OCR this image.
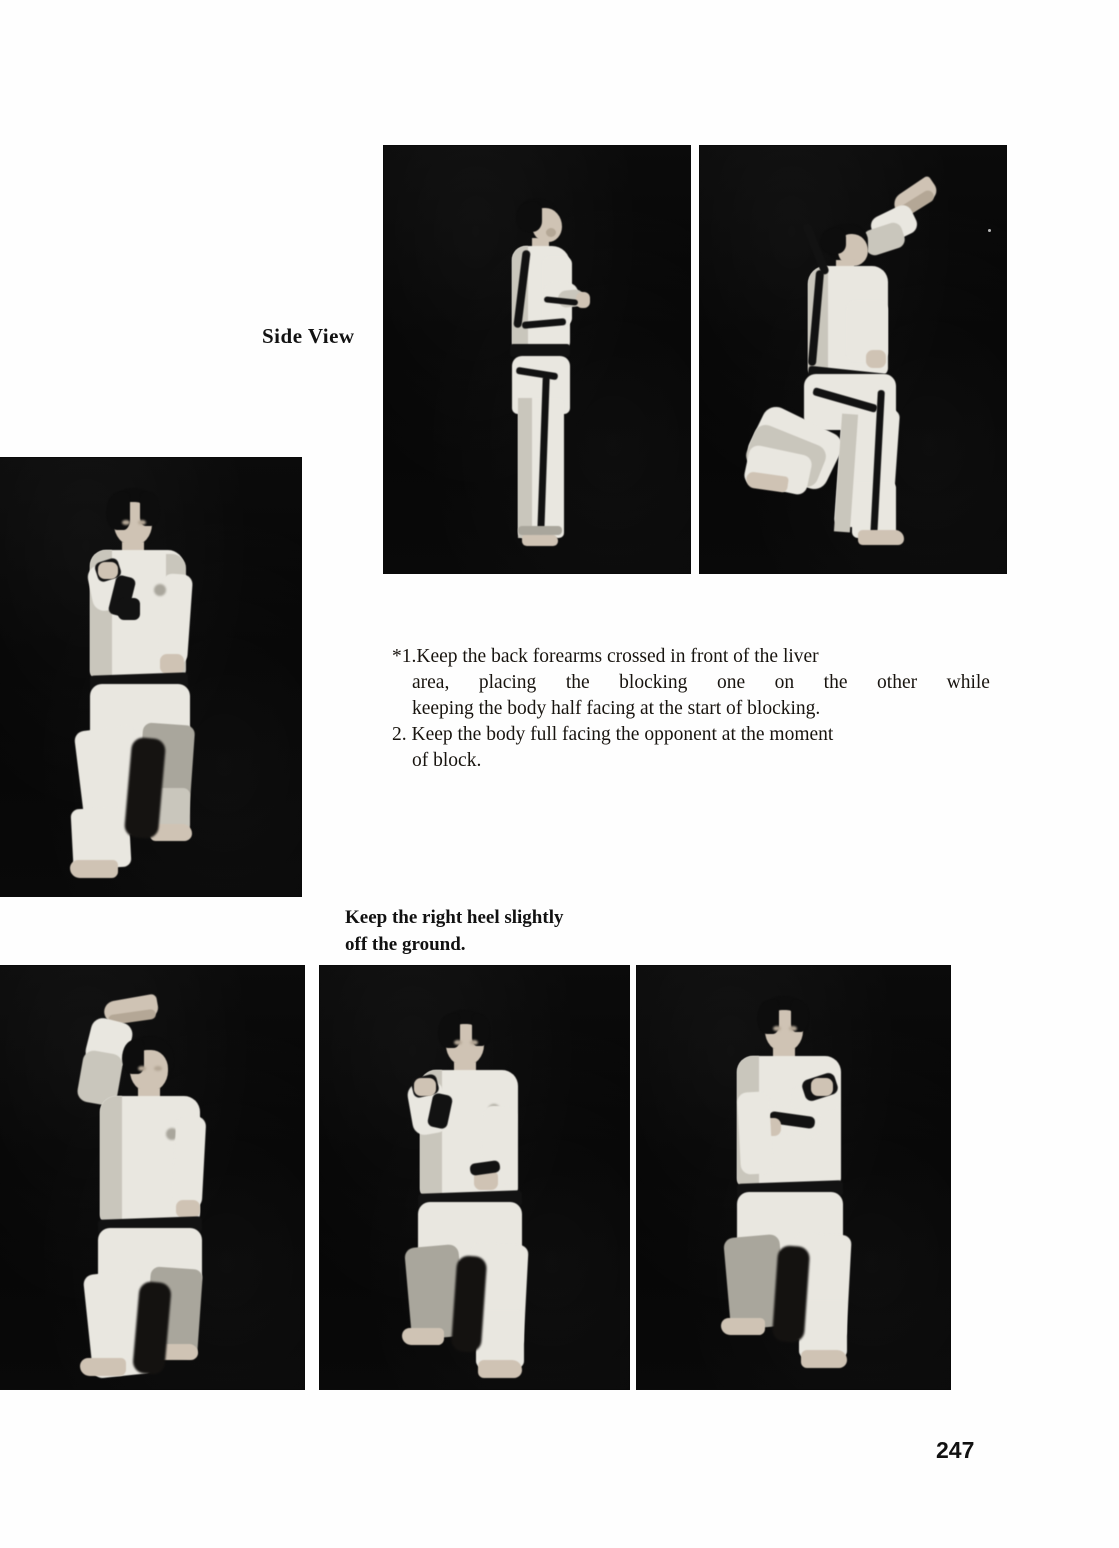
Side View
*1.Keep the back forearms crossed in front of the liver
area, placing the blocking one on the other while
keeping the body half facing at the start of blocking.
2. Keep the body full facing the opponent at the moment
of block.
Keep the right heel slightly
off the ground.
247
